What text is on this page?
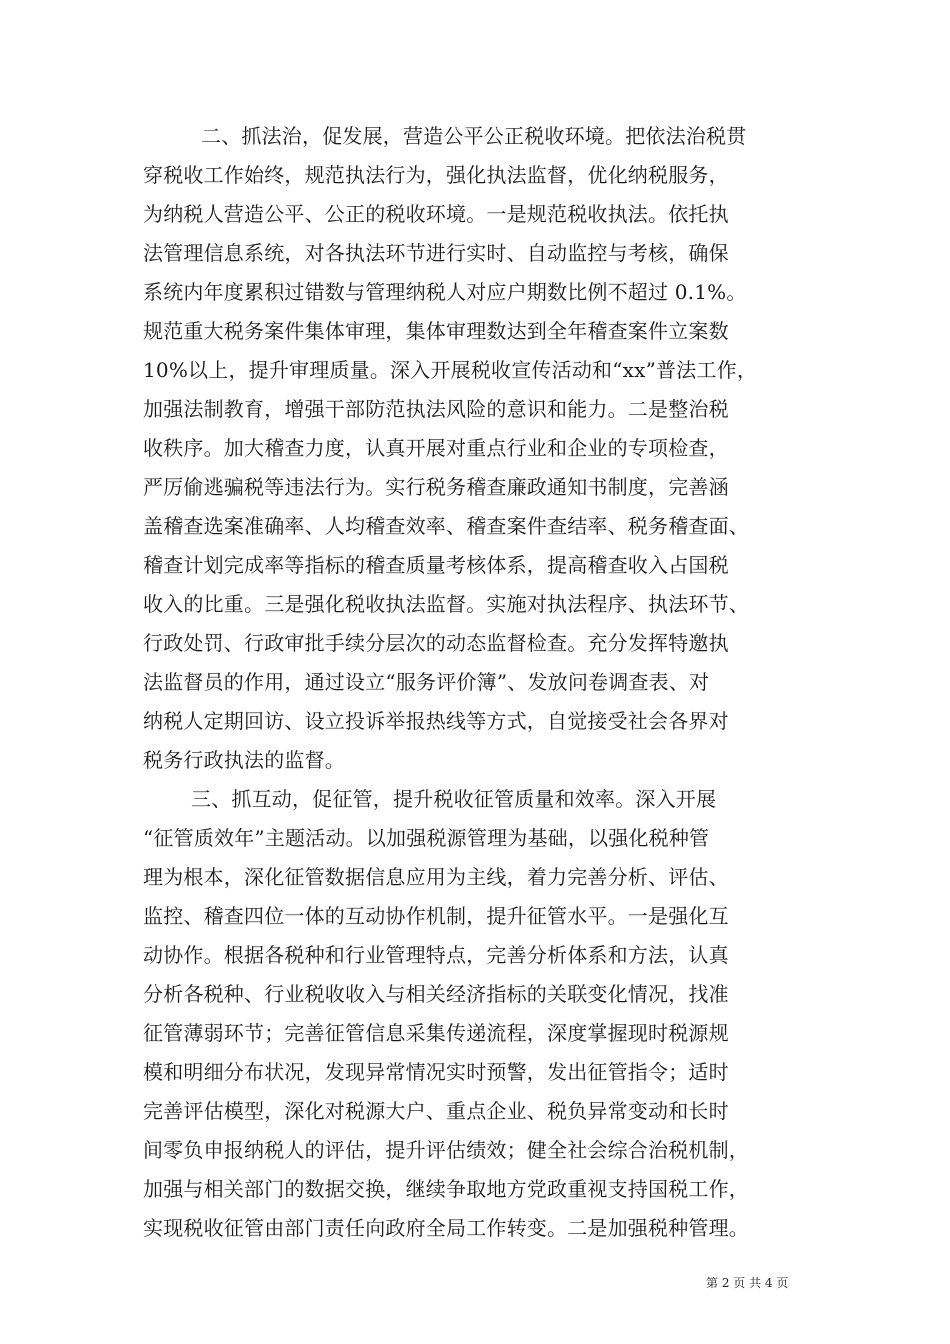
二、抓法治，促发展，营造公平公正税收环境。把依法治税贯
穿税收工作始终，规范执法行为，强化执法监督，优化纳税服务，
为纳税人营造公平、公正的税收环境。一是规范税收执法。依托执
法管理信息系统，对各执法环节进行实时、自动监控与考核，确保
系统内年度累积过错数与管理纳税人对应户期数比例不超过 0.1%。
规范重大税务案件集体审理，集体审理数达到全年稽查案件立案数
10%以上，提升审理质量。深入开展税收宣传活动和“xx”普法工作，
加强法制教育，增强干部防范执法风险的意识和能力。二是整治税
收秩序。加大稽查力度，认真开展对重点行业和企业的专项检查，
严厉偷逃骗税等违法行为。实行税务稽查廉政通知书制度，完善涵
盖稽查选案准确率、人均稽查效率、稽查案件查结率、税务稽查面、
稽查计划完成率等指标的稽查质量考核体系，提高稽查收入占国税
收入的比重。三是强化税收执法监督。实施对执法程序、执法环节、
行政处罚、行政审批手续分层次的动态监督检查。充分发挥特邀执
法监督员的作用，通过设立“服务评价簿”、发放问卷调查表、对
纳税人定期回访、设立投诉举报热线等方式，自觉接受社会各界对
税务行政执法的监督。
三、抓互动，促征管，提升税收征管质量和效率。深入开展
“征管质效年”主题活动。以加强税源管理为基础，以强化税种管
理为根本，深化征管数据信息应用为主线，着力完善分析、评估、
监控、稽查四位一体的互动协作机制，提升征管水平。一是强化互
动协作。根据各税种和行业管理特点，完善分析体系和方法，认真
分析各税种、行业税收收入与相关经济指标的关联变化情况，找准
征管薄弱环节；完善征管信息采集传递流程，深度掌握现时税源规
模和明细分布状况，发现异常情况实时预警，发出征管指令；适时
完善评估模型，深化对税源大户、重点企业、税负异常变动和长时
间零负申报纳税人的评估，提升评估绩效；健全社会综合治税机制，
加强与相关部门的数据交换，继续争取地方党政重视支持国税工作，
实现税收征管由部门责任向政府全局工作转变。二是加强税种管理。
第 2 页 共 4 页
